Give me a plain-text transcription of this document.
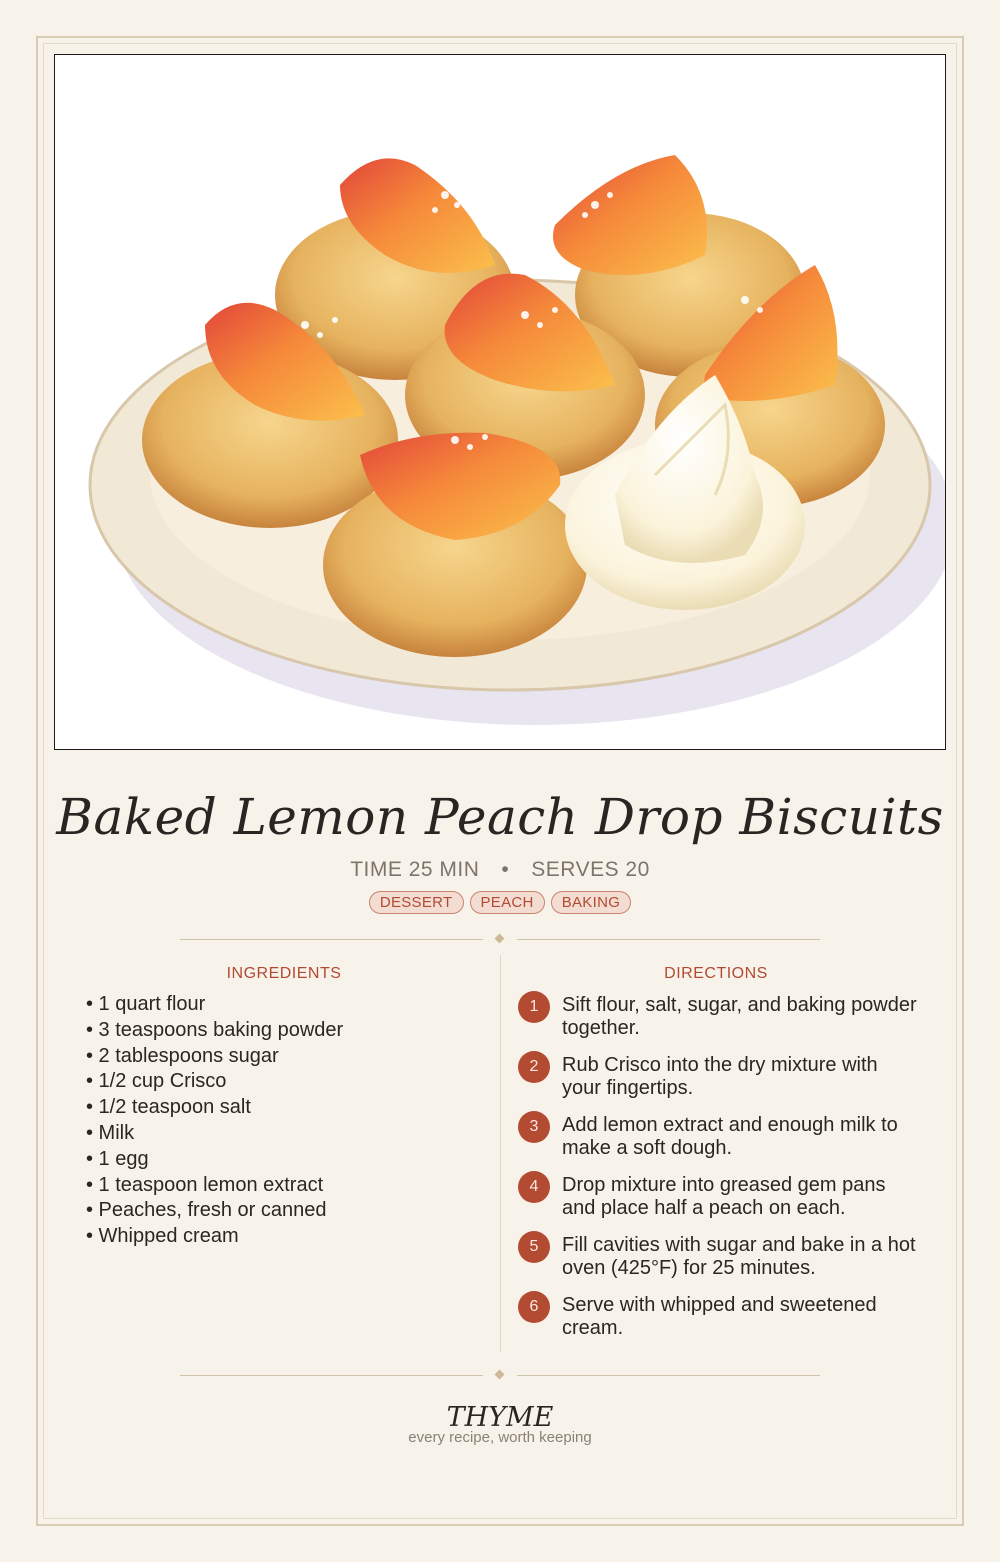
Baked Lemon Peach Drop Biscuits
TIME 25 MIN • SERVES 20
DESSERT PEACH BAKING
INGREDIENTS
• 1 quart flour
• 3 teaspoons baking powder
• 2 tablespoons sugar
• 1/2 cup Crisco
• 1/2 teaspoon salt
• Milk
• 1 egg
• 1 teaspoon lemon extract
• Peaches, fresh or canned
• Whipped cream
DIRECTIONS
1	Sift flour, salt, sugar, and baking powder together.
2	Rub Crisco into the dry mixture with your fingertips.
3	Add lemon extract and enough milk to make a soft dough.
4	Drop mixture into greased gem pans and place half a peach on each.
5	Fill cavities with sugar and bake in a hot oven (425°F) for 25 minutes.
6	Serve with whipped and sweetened cream.
THYME
every recipe, worth keeping
